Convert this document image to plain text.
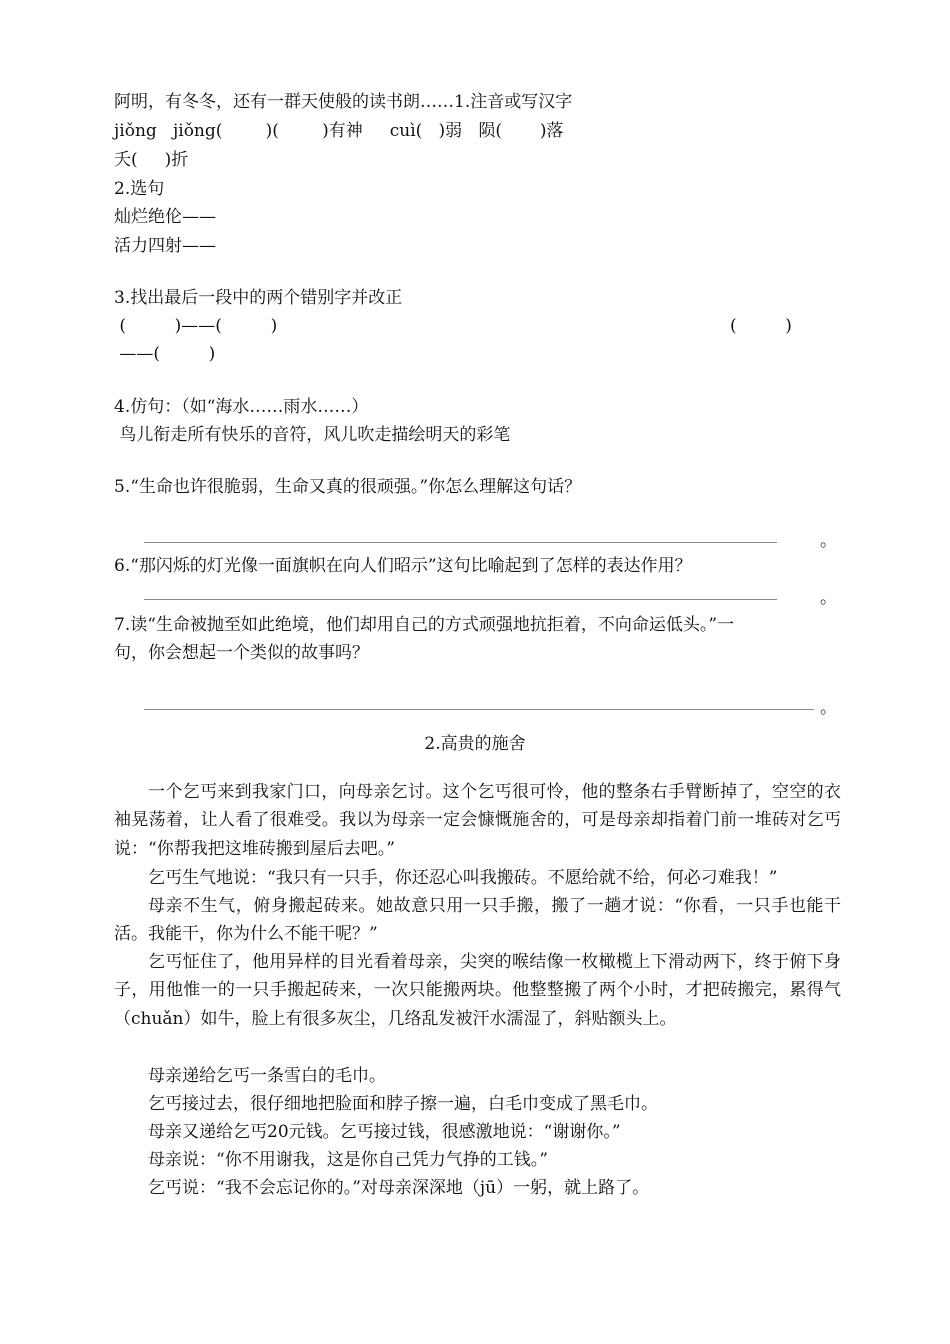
阿明，有冬冬，还有一群天使般的读书朗……1.注音或写汉字

jiǒng   jiǒng(        )(        )有神     cuì(   )弱   陨(       )落

夭(     )折

2.选句

灿烂绝伦——

活力四射——

3.找出最后一段中的两个错别字并改正

(         )——(         )	(         )

——(         )

4.仿句：（如“海水……雨水……）

鸟儿衔走所有快乐的音符，风儿吹走描绘明天的彩笔

5.“生命也许很脆弱，生命又真的很顽强。”你怎么理解这句话？

。

6.“那闪烁的灯光像一面旗帜在向人们昭示”这句比喻起到了怎样的表达作用？

。

7.读“生命被抛至如此绝境，他们却用自己的方式顽强地抗拒着，不向命运低头。”一

句，你会想起一个类似的故事吗？

。
2.高贵的施舍

一个乞丐来到我家门口，向母亲乞讨。这个乞丐很可怜，他的整条右手臂断掉了，空空的衣袖晃荡着，让人看了很难受。我以为母亲一定会慷慨施舍的，可是母亲却指着门前一堆砖对乞丐说：“你帮我把这堆砖搬到屋后去吧。”

乞丐生气地说：“我只有一只手，你还忍心叫我搬砖。不愿给就不给，何必刁难我！”

母亲不生气，俯身搬起砖来。她故意只用一只手搬，搬了一趟才说：“你看，一只手也能干活。我能干，你为什么不能干呢？”

乞丐怔住了，他用异样的目光看着母亲，尖突的喉结像一枚橄榄上下滑动两下，终于俯下身子，用他惟一的一只手搬起砖来，一次只能搬两块。他整整搬了两个小时，才把砖搬完，累得气（chuǎn）如牛，脸上有很多灰尘，几络乱发被汗水濡湿了，斜贴额头上。

母亲递给乞丐一条雪白的毛巾。

乞丐接过去，很仔细地把脸面和脖子擦一遍，白毛巾变成了黑毛巾。

母亲又递给乞丐20元钱。乞丐接过钱，很感激地说：“谢谢你。”

母亲说：“你不用谢我，这是你自己凭力气挣的工钱。”

乞丐说：“我不会忘记你的。”对母亲深深地（jū）一躬，就上路了。
